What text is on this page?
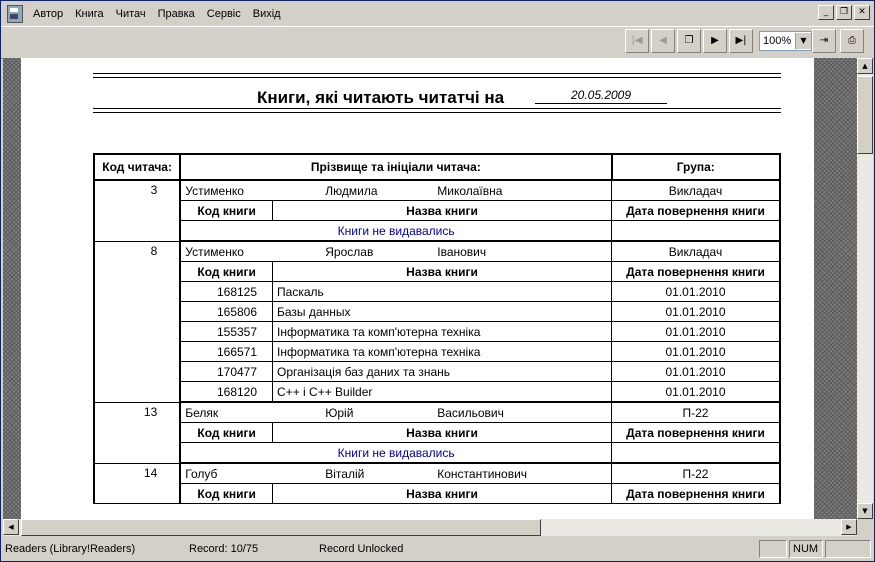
Автор	Книга	Читач	Правка	Сервіс	Вихід	_	❐	✕
|◀	◀	❐	▶	▶|	100%	▼	⇥	⎙
Книги, які читають читатчі на	20.05.2009
Код читача:	Прізвище та ініціали читача:		Група:
3	Устименко Людмила Миколаївна		Викладач
	Код книги	Назва книги	Дата повернення книги
	Книги не видавались		
8	Устименко Ярослав Іванович		Викладач
	Код книги	Назва книги	Дата повернення книги
	168125	Паскаль	01.01.2010
	165806	Базы данных	01.01.2010
	155357	Інформатика та комп'ютерна техніка	01.01.2010
	166571	Інформатика та комп'ютерна техніка	01.01.2010
	170477	Організація баз даних та знань	01.01.2010
	168120	C++ і C++ Builder	01.01.2010
13	Беляк Юрій Васильович		П-22
	Код книги	Назва книги	Дата повернення книги
	Книги не видавались		
14	Голуб Віталій Константинович		П-22
	Код книги	Назва книги	Дата повернення книги
▲
▼
◀	▶
Readers (Library!Readers)	Record: 10/75	Record Unlocked	NUM
